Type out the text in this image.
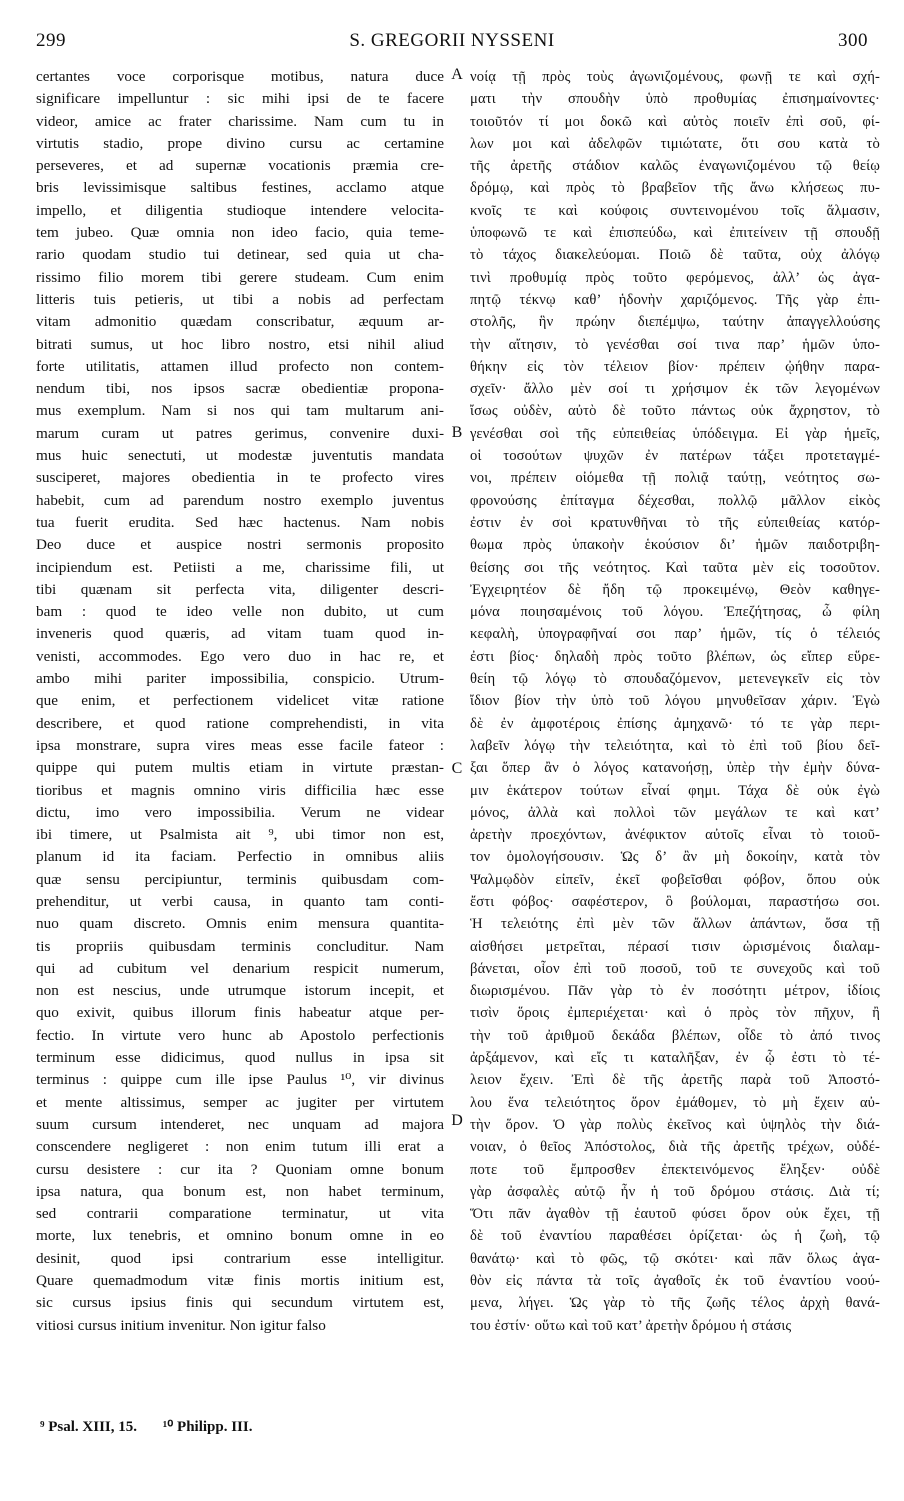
299	S. GREGORII NYSSENI	300
certantes voce corporisque motibus, natura duce
significare impelluntur : sic mihi ipsi de te facere
videor, amice ac frater charissime. Nam cum tu in
virtutis stadio, prope divino cursu ac certamine
perseveres, et ad supernæ vocationis præmia cre-
bris levissimisque saltibus festines, acclamo atque
impello, et diligentia studioque intendere velocita-
tem jubeo. Quæ omnia non ideo facio, quia teme-
rario quodam studio tui detinear, sed quia ut cha-
rissimo filio morem tibi gerere studeam. Cum enim
litteris tuis petieris, ut tibi a nobis ad perfectam
vitam admonitio quædam conscribatur, æquum ar-
bitrati sumus, ut hoc libro nostro, etsi nihil aliud
forte utilitatis, attamen illud profecto non contem-
nendum tibi, nos ipsos sacræ obedientiæ propona-
mus exemplum. Nam si nos qui tam multarum ani-
marum curam ut patres gerimus, convenire duxi-
mus huic senectuti, ut modestæ juventutis mandata
susciperet, majores obedientia in te profecto vires
habebit, cum ad parendum nostro exemplo juventus
tua fuerit erudita. Sed hæc hactenus. Nam nobis
Deo duce et auspice nostri sermonis proposito
incipiendum est. Petiisti a me, charissime fili, ut
tibi quænam sit perfecta vita, diligenter descri-
bam : quod te ideo velle non dubito, ut cum
inveneris quod quæris, ad vitam tuam quod in-
venisti, accommodes. Ego vero duo in hac re, et
ambo mihi pariter impossibilia, conspicio. Utrum-
que enim, et perfectionem videlicet vitæ ratione
describere, et quod ratione comprehendisti, in vita
ipsa monstrare, supra vires meas esse facile fateor :
quippe qui putem multis etiam in virtute præstan-
tioribus et magnis omnino viris difficilia hæc esse
dictu, imo vero impossibilia. Verum ne videar
ibi timere, ut Psalmista ait ⁹, ubi timor non est,
planum id ita faciam. Perfectio in omnibus aliis
quæ sensu percipiuntur, terminis quibusdam com-
prehenditur, ut verbi causa, in quanto tam conti-
nuo quam discreto. Omnis enim mensura quantita-
tis propriis quibusdam terminis concluditur. Nam
qui ad cubitum vel denarium respicit numerum,
non est nescius, unde utrumque istorum incepit, et
quo exivit, quibus illorum finis habeatur atque per-
fectio. In virtute vero hunc ab Apostolo perfectionis
terminum esse didicimus, quod nullus in ipsa sit
terminus : quippe cum ille ipse Paulus ¹⁰, vir divinus
et mente altissimus, semper ac jugiter per virtutem
suum cursum intenderet, nec unquam ad majora
conscendere negligeret : non enim tutum illi erat a
cursu desistere : cur ita ? Quoniam omne bonum
ipsa natura, qua bonum est, non habet terminum,
sed contrarii comparatione terminatur, ut vita
morte, lux tenebris, et omnino bonum omne in eo
desinit, quod ipsi contrarium esse intelligitur.
Quare quemadmodum vitæ finis mortis initium est,
sic cursus ipsius finis qui secundum virtutem est,
vitiosi cursus initium invenitur. Non igitur falso
A
B
C
D
νοίᾳ τῇ πρὸς τοὺς ἀγωνιζομένους, φωνῇ τε καὶ σχή-
ματι τὴν σπουδὴν ὑπὸ προθυμίας ἐπισημαίνοντες·
τοιοῦτόν τί μοι δοκῶ καὶ αὐτὸς ποιεῖν ἐπὶ σοῦ, φί-
λων μοι καὶ ἀδελφῶν τιμιώτατε, ὅτι σου κατὰ τὸ
τῆς ἀρετῆς στάδιον καλῶς ἐναγωνιζομένου τῷ θείῳ
δρόμῳ, καὶ πρὸς τὸ βραβεῖον τῆς ἄνω κλήσεως πυ-
κνοῖς τε καὶ κούφοις συντεινομένου τοῖς ἅλμασιν,
ὑποφωνῶ τε καὶ ἐπισπεύδω, καὶ ἐπιτείνειν τῇ σπουδῇ
τὸ τάχος διακελεύομαι. Ποιῶ δὲ ταῦτα, οὐχ ἀλόγῳ
τινὶ προθυμίᾳ πρὸς τοῦτο φερόμενος, ἀλλ’ ὡς ἀγα-
πητῷ τέκνῳ καθ’ ἡδονὴν χαριζόμενος. Τῆς γὰρ ἐπι-
στολῆς, ἣν πρώην διεπέμψω, ταύτην ἀπαγγελλούσης
τὴν αἴτησιν, τὸ γενέσθαι σοί τινα παρ’ ἡμῶν ὑπο-
θήκην εἰς τὸν τέλειον βίον· πρέπειν ᾠήθην παρα-
σχεῖν· ἄλλο μὲν σοί τι χρήσιμον ἐκ τῶν λεγομένων
ἴσως οὐδὲν, αὐτὸ δὲ τοῦτο πάντως οὐκ ἄχρηστον, τὸ
γενέσθαι σοὶ τῆς εὐπειθείας ὑπόδειγμα. Εἰ γὰρ ἡμεῖς,
οἱ τοσούτων ψυχῶν ἐν πατέρων τάξει προτεταγμέ-
νοι, πρέπειν οἰόμεθα τῇ πολιᾷ ταύτῃ, νεότητος σω-
φρονούσης ἐπίταγμα δέχεσθαι, πολλῷ μᾶλλον εἰκὸς
ἐστιν ἐν σοὶ κρατυνθῆναι τὸ τῆς εὐπειθείας κατόρ-
θωμα πρὸς ὑπακοὴν ἑκούσιον δι’ ἡμῶν παιδοτριβη-
θείσης σοι τῆς νεότητος. Καὶ ταῦτα μὲν εἰς τοσοῦτον.
Ἐγχειρητέον δὲ ἤδη τῷ προκειμένῳ, Θεὸν καθηγε-
μόνα ποιησαμένοις τοῦ λόγου. Ἐπεζήτησας, ὦ φίλη
κεφαλὴ, ὑπογραφῆναί σοι παρ’ ἡμῶν, τίς ὁ τέλειός
ἐστι βίος· δηλαδὴ πρὸς τοῦτο βλέπων, ὡς εἴπερ εὕρε-
θείη τῷ λόγῳ τὸ σπουδαζόμενον, μετενεγκεῖν εἰς τὸν
ἴδιον βίον τὴν ὑπὸ τοῦ λόγου μηνυθεῖσαν χάριν. Ἐγὼ
δὲ ἐν ἀμφοτέροις ἐπίσης ἀμηχανῶ· τό τε γὰρ περι-
λαβεῖν λόγῳ τὴν τελειότητα, καὶ τὸ ἐπὶ τοῦ βίου δεῖ-
ξαι ὅπερ ἂν ὁ λόγος κατανοήσῃ, ὑπὲρ τὴν ἐμὴν δύνα-
μιν ἑκάτερον τούτων εἶναί φημι. Τάχα δὲ οὐκ ἐγὼ
μόνος, ἀλλὰ καὶ πολλοὶ τῶν μεγάλων τε καὶ κατ’
ἀρετὴν προεχόντων, ἀνέφικτον αὐτοῖς εἶναι τὸ τοιοῦ-
τον ὁμολογήσουσιν. Ὡς δ’ ἂν μὴ δοκοίην, κατὰ τὸν
Ψαλμῳδὸν εἰπεῖν, ἐκεῖ φοβεῖσθαι φόβον, ὅπου οὐκ
ἔστι φόβος· σαφέστερον, ὃ βούλομαι, παραστήσω σοι.
Ἡ τελειότης ἐπὶ μὲν τῶν ἄλλων ἁπάντων, ὅσα τῇ
αἰσθήσει μετρεῖται, πέρασί τισιν ὡρισμένοις διαλαμ-
βάνεται, οἷον ἐπὶ τοῦ ποσοῦ, τοῦ τε συνεχοῦς καὶ τοῦ
διωρισμένου. Πᾶν γὰρ τὸ ἐν ποσότητι μέτρον, ἰδίοις
τισὶν ὅροις ἐμπεριέχεται· καὶ ὁ πρὸς τὸν πῆχυν, ἢ
τὴν τοῦ ἀριθμοῦ δεκάδα βλέπων, οἶδε τὸ ἀπό τινος
ἀρξάμενον, καὶ εἴς τι καταλῆξαν, ἐν ᾧ ἐστι τὸ τέ-
λειον ἔχειν. Ἐπὶ δὲ τῆς ἀρετῆς παρὰ τοῦ Ἀποστό-
λου ἕνα τελειότητος ὅρον ἐμάθομεν, τὸ μὴ ἔχειν αὐ-
τὴν ὅρον. Ὁ γὰρ πολὺς ἐκεῖνος καὶ ὑψηλὸς τὴν διά-
νοιαν, ὁ θεῖος Ἀπόστολος, διὰ τῆς ἀρετῆς τρέχων, οὐδέ-
ποτε τοῦ ἔμπροσθεν ἐπεκτεινόμενος ἔληξεν· οὐδὲ
γὰρ ἀσφαλὲς αὐτῷ ἦν ἡ τοῦ δρόμου στάσις. Διὰ τί;
Ὅτι πᾶν ἀγαθὸν τῇ ἑαυτοῦ φύσει ὅρον οὐκ ἔχει, τῇ
δὲ τοῦ ἐναντίου παραθέσει ὁρίζεται· ὡς ἡ ζωὴ, τῷ
θανάτῳ· καὶ τὸ φῶς, τῷ σκότει· καὶ πᾶν ὅλως ἀγα-
θὸν εἰς πάντα τὰ τοῖς ἀγαθοῖς ἐκ τοῦ ἐναντίου νοού-
μενα, λήγει. Ὡς γὰρ τὸ τῆς ζωῆς τέλος ἀρχὴ θανά-
του ἐστίν· οὕτω καὶ τοῦ κατ’ ἀρετὴν δρόμου ἡ στάσις
⁹ Psal. XIII, 15. ¹⁰ Philipp. III.
